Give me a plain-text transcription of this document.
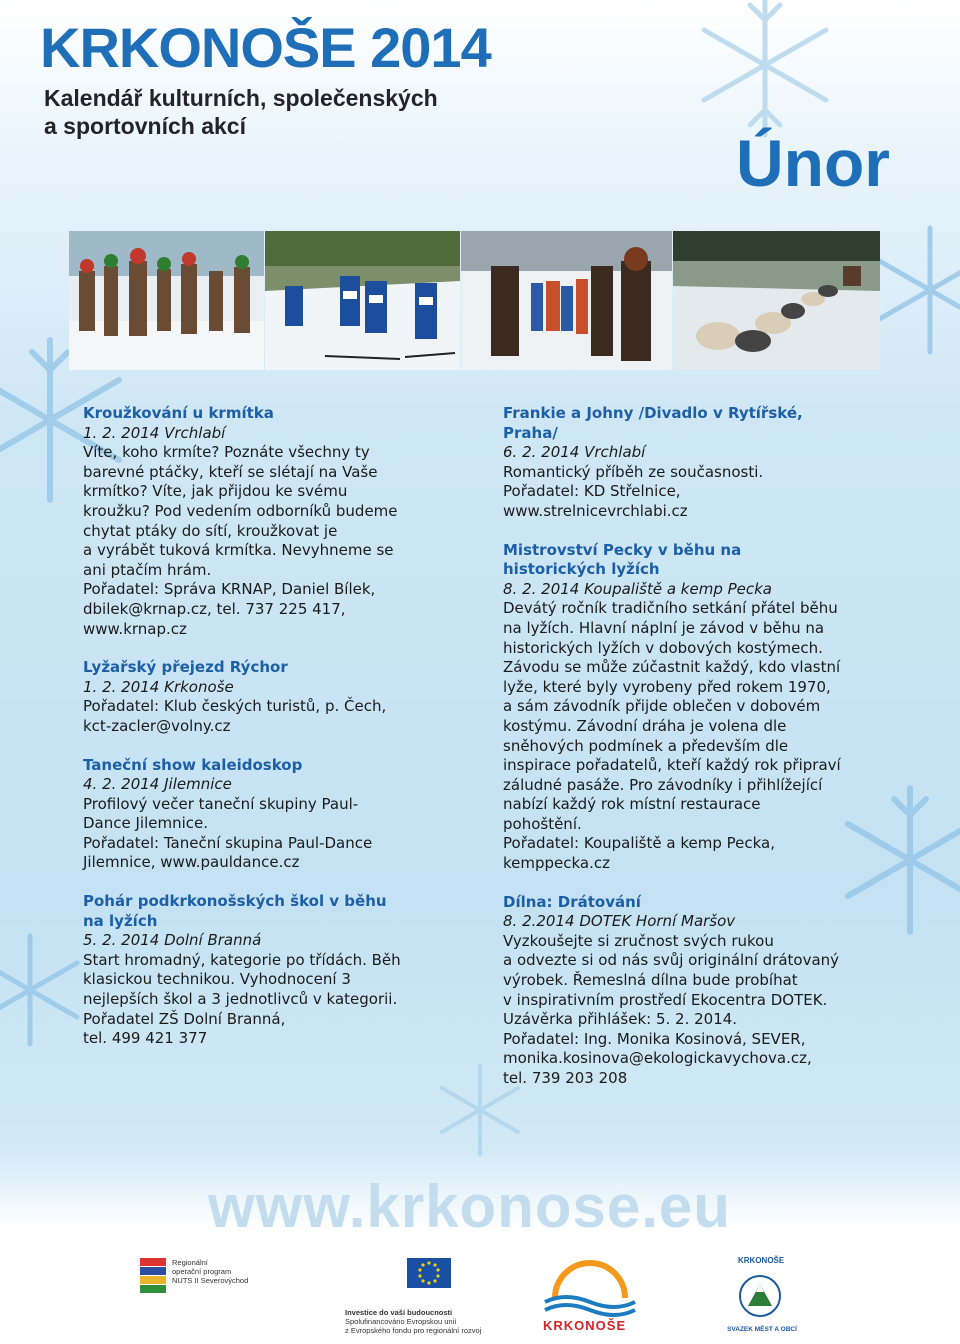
KRKONOŠE 2014
Kalendář kulturních, společenských
a sportovních akcí	Únor
Kroužkování u krmítka
1. 2. 2014 Vrchlabí
Víte, koho krmíte? Poznáte všechny ty
barevné ptáčky, kteří se slétají na Vaše
krmítko? Víte, jak přijdou ke svému
kroužku? Pod vedením odborníků budeme
chytat ptáky do sítí, kroužkovat je
a vyrábět tuková krmítka. Nevyhneme se
ani ptačím hrám.
Pořadatel: Správa KRNAP, Daniel Bílek,
dbilek@krnap.cz, tel. 737 225 417,
www.krnap.cz
Lyžařský přejezd Rýchor
1. 2. 2014 Krkonoše
Pořadatel: Klub českých turistů, p. Čech,
kct-zacler@volny.cz
Taneční show kaleidoskop
4. 2. 2014 Jilemnice
Profilový večer taneční skupiny Paul-
Dance Jilemnice.
Pořadatel: Taneční skupina Paul-Dance
Jilemnice, www.pauldance.cz
Pohár podkrkonošských škol v běhu
na lyžích
5. 2. 2014 Dolní Branná
Start hromadný, kategorie po třídách. Běh
klasickou technikou. Vyhodnocení 3
nejlepších škol a 3 jednotlivců v kategorii.
Pořadatel ZŠ Dolní Branná,
tel. 499 421 377
Frankie a Johny /Divadlo v Rytířské,
Praha/
6. 2. 2014 Vrchlabí
Romantický příběh ze současnosti.
Pořadatel: KD Střelnice,
www.strelnicevrchlabi.cz
Mistrovství Pecky v běhu na
historických lyžích
8. 2. 2014 Koupaliště a kemp Pecka
Devátý ročník tradičního setkání přátel běhu
na lyžích. Hlavní náplní je závod v běhu na
historických lyžích v dobových kostýmech.
Závodu se může zúčastnit každý, kdo vlastní
lyže, které byly vyrobeny před rokem 1970,
a sám závodník přijde oblečen v dobovém
kostýmu. Závodní dráha je volena dle
sněhových podmínek a především dle
inspirace pořadatelů, kteří každý rok připraví
záludné pasáže. Pro závodníky i přihlížející
nabízí každý rok místní restaurace
pohoštění.
Pořadatel: Koupaliště a kemp Pecka,
kemppecka.cz
Dílna: Drátování
8. 2.2014 DOTEK Horní Maršov
Vyzkoušejte si zručnost svých rukou
a odvezte si od nás svůj originální drátovaný
výrobek. Řemeslná dílna bude probíhat
v inspirativním prostředí Ekocentra DOTEK.
Uzávěrka přihlášek: 5. 2. 2014.
Pořadatel: Ing. Monika Kosinová, SEVER,
monika.kosinova@ekologickavychova.cz,
tel. 739 203 208
www.krkonose.eu
Regionální
operační program
NUTS II Severovýchod
Investice do vaší budoucnosti
Spolufinancováno Evropskou unií
z Evropského fondu pro regionální rozvoj	KRKONOŠE
KRKONOŠE
SVAZEK MĚST A OBCÍ
